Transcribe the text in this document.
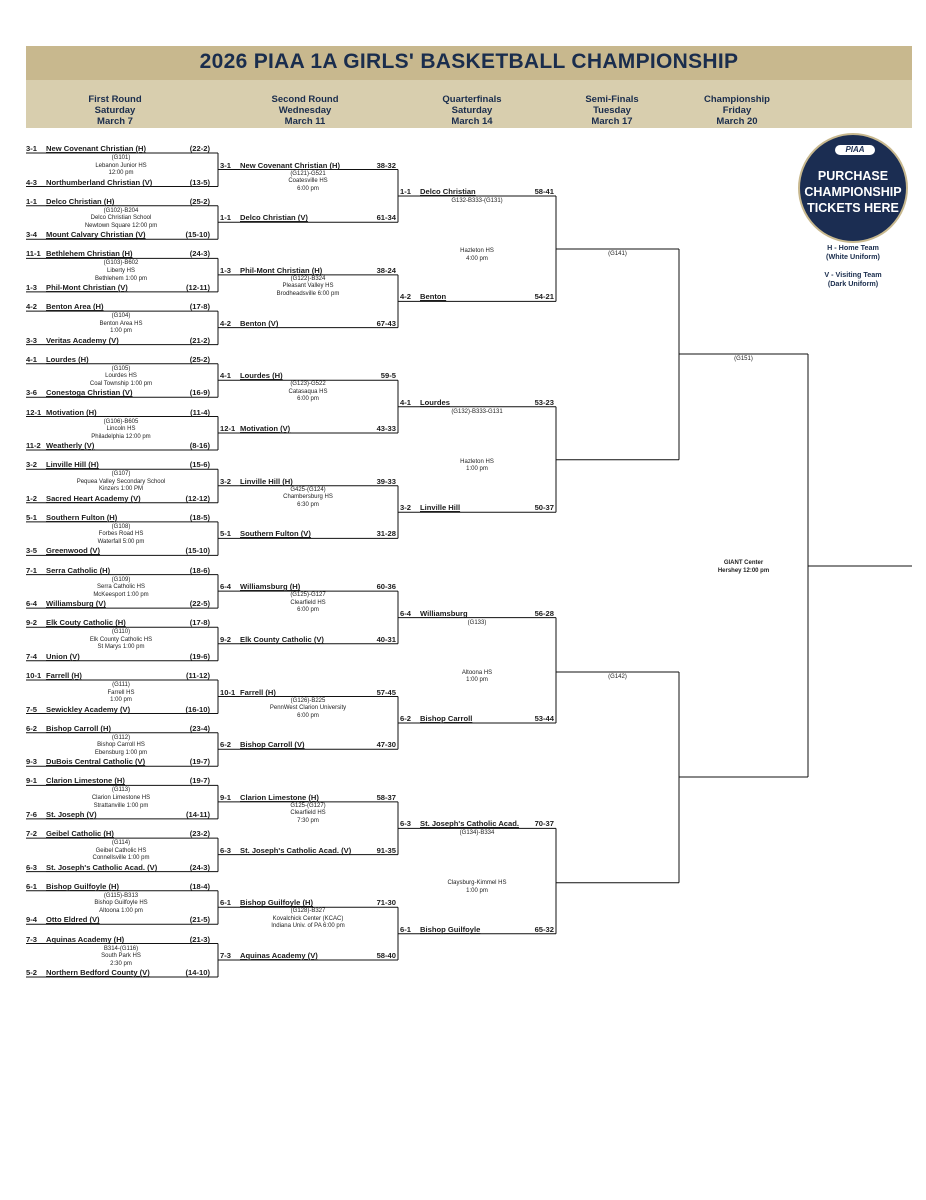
2026 PIAA 1A GIRLS' BASKETBALL CHAMPIONSHIP
First Round
Saturday
March 7
Second Round
Wednesday
March 11
Quarterfinals
Saturday
March 14
Semi-Finals
Tuesday
March 17
Championship
Friday
March 20
3-1 New Covenant Christian (H)	(22-2)
4-3 Northumberland Christian (V)	(13-5)
(G101)
Lebanon Junior HS
12:00 pm
1-1 Delco Christian (H)	(25-2)
3-4 Mount Calvary Christian (V)	(15-10)
(G102)-B204
Delco Christian School
Newtown Square 12:00 pm
11-1 Bethlehem Christian (H)	(24-3)
1-3 Phil-Mont Christian (V)	(12-11)
(G103)-B602
Liberty HS
Bethlehem 1:00 pm
4-2 Benton Area (H)	(17-8)
3-3 Veritas Academy (V)	(21-2)
(G104)
Benton Area HS
1:00 pm
4-1 Lourdes (H)	(25-2)
3-6 Conestoga Christian (V)	(16-9)
(G105)
Lourdes HS
Coal Township 1:00 pm
12-1 Motivation (H)	(11-4)
11-2 Weatherly (V)	(8-16)
(G106)-B605
Lincoln HS
Philadelphia 12:00 pm
3-2 Linville Hill (H)	(15-6)
1-2 Sacred Heart Academy (V)	(12-12)
(G107)
Pequea Valley Secondary School
Kinzers 1:00 PM
5-1 Southern Fulton (H)	(18-5)
3-5 Greenwood (V)	(15-10)
(G108)
Forbes Road HS
Waterfall 5:00 pm
7-1 Serra Catholic (H)	(18-6)
6-4 Williamsburg (V)	(22-5)
(G109)
Serra Catholic HS
McKeesport 1:00 pm
9-2 Elk Couty Catholic (H)	(17-8)
7-4 Union (V)	(19-6)
(G110)
Elk County Catholic HS
St Marys 1:00 pm
10-1 Farrell (H)	(11-12)
7-5 Sewickley Academy (V)	(16-10)
(G111)
Farrell HS
1:00 pm
6-2 Bishop Carroll (H)	(23-4)
9-3 DuBois Central Catholic (V)	(19-7)
(G112)
Bishop Carroll HS
Ebensburg 1:00 pm
9-1 Clarion Limestone (H)	(19-7)
7-6 St. Joseph (V)	(14-11)
(G113)
Clarion Limestone HS
Strattanville 1:00 pm
7-2 Geibel Catholic (H)	(23-2)
6-3 St. Joseph's Catholic Acad. (V)	(24-3)
(G114)
Geibel Catholic HS
Connellsville 1:00 pm
6-1 Bishop Guilfoyle (H)	(18-4)
9-4 Otto Eldred (V)	(21-5)
(G115)-B313
Bishop Guilfoyle HS
Altoona 1:00 pm
7-3 Aquinas Academy (H)	(21-3)
5-2 Northern Bedford County (V)	(14-10)
B314-(G116)
South Park HS
2:30 pm
3-1 New Covenant Christian (H)	38-32
1-1 Delco Christian (V)	61-34
(G121)-G521
Coatesville HS
6:00 pm
1-3 Phil-Mont Christian (H)	38-24
4-2 Benton (V)	67-43
(G122)-B324
Pleasant Valley HS
Brodheadsville 6:00 pm
4-1 Lourdes (H)	59-5
12-1 Motivation (V)	43-33
(G123)-G522
Catasaqua HS
6:00 pm
3-2 Linville Hill (H)	39-33
5-1 Southern Fulton (V)	31-28
G425-(G124)
Chambersburg HS
6:30 pm
6-4 Williamsburg (H)	60-36
9-2 Elk County Catholic (V)	40-31
(G125)-G127
Clearfield HS
6:00 pm
10-1 Farrell (H)	57-45
6-2 Bishop Carroll (V)	47-30
(G126)-B225
PennWest Clarion University
6:00 pm
9-1 Clarion Limestone (H)	58-37
6-3 St. Joseph's Catholic Acad. (V)	91-35
G125-(G127)
Clearfield HS
7:30 pm
6-1 Bishop Guilfoyle (H)	71-30
7-3 Aquinas Academy (V)	58-40
(G128)-B327
Kovalchick Center (KCAC)
Indiana Univ. of PA 6:00 pm
1-1 Delco Christian	58-41
4-2 Benton	54-21
G132-B333-(G131)
Hazleton HS
4:00 pm
4-1 Lourdes	53-23
3-2 Linville Hill	50-37
(G132)-B333-G131
Hazleton HS
1:00 pm
6-4 Williamsburg	56-28
6-2 Bishop Carroll	53-44
(G133)
Altoona HS
1:00 pm
6-3 St. Joseph's Catholic Acad. 70-37
6-1 Bishop Guilfoyle	65-32
(G134)-B334
Claysburg-Kimmel HS
1:00 pm
(G141)
(G142)
(G151)
GIANT Center
Hershey 12:00 pm
PIAA
PURCHASE
CHAMPIONSHIP
TICKETS HERE
H - Home Team
(White Uniform)
V - Visiting Team
(Dark Uniform)
